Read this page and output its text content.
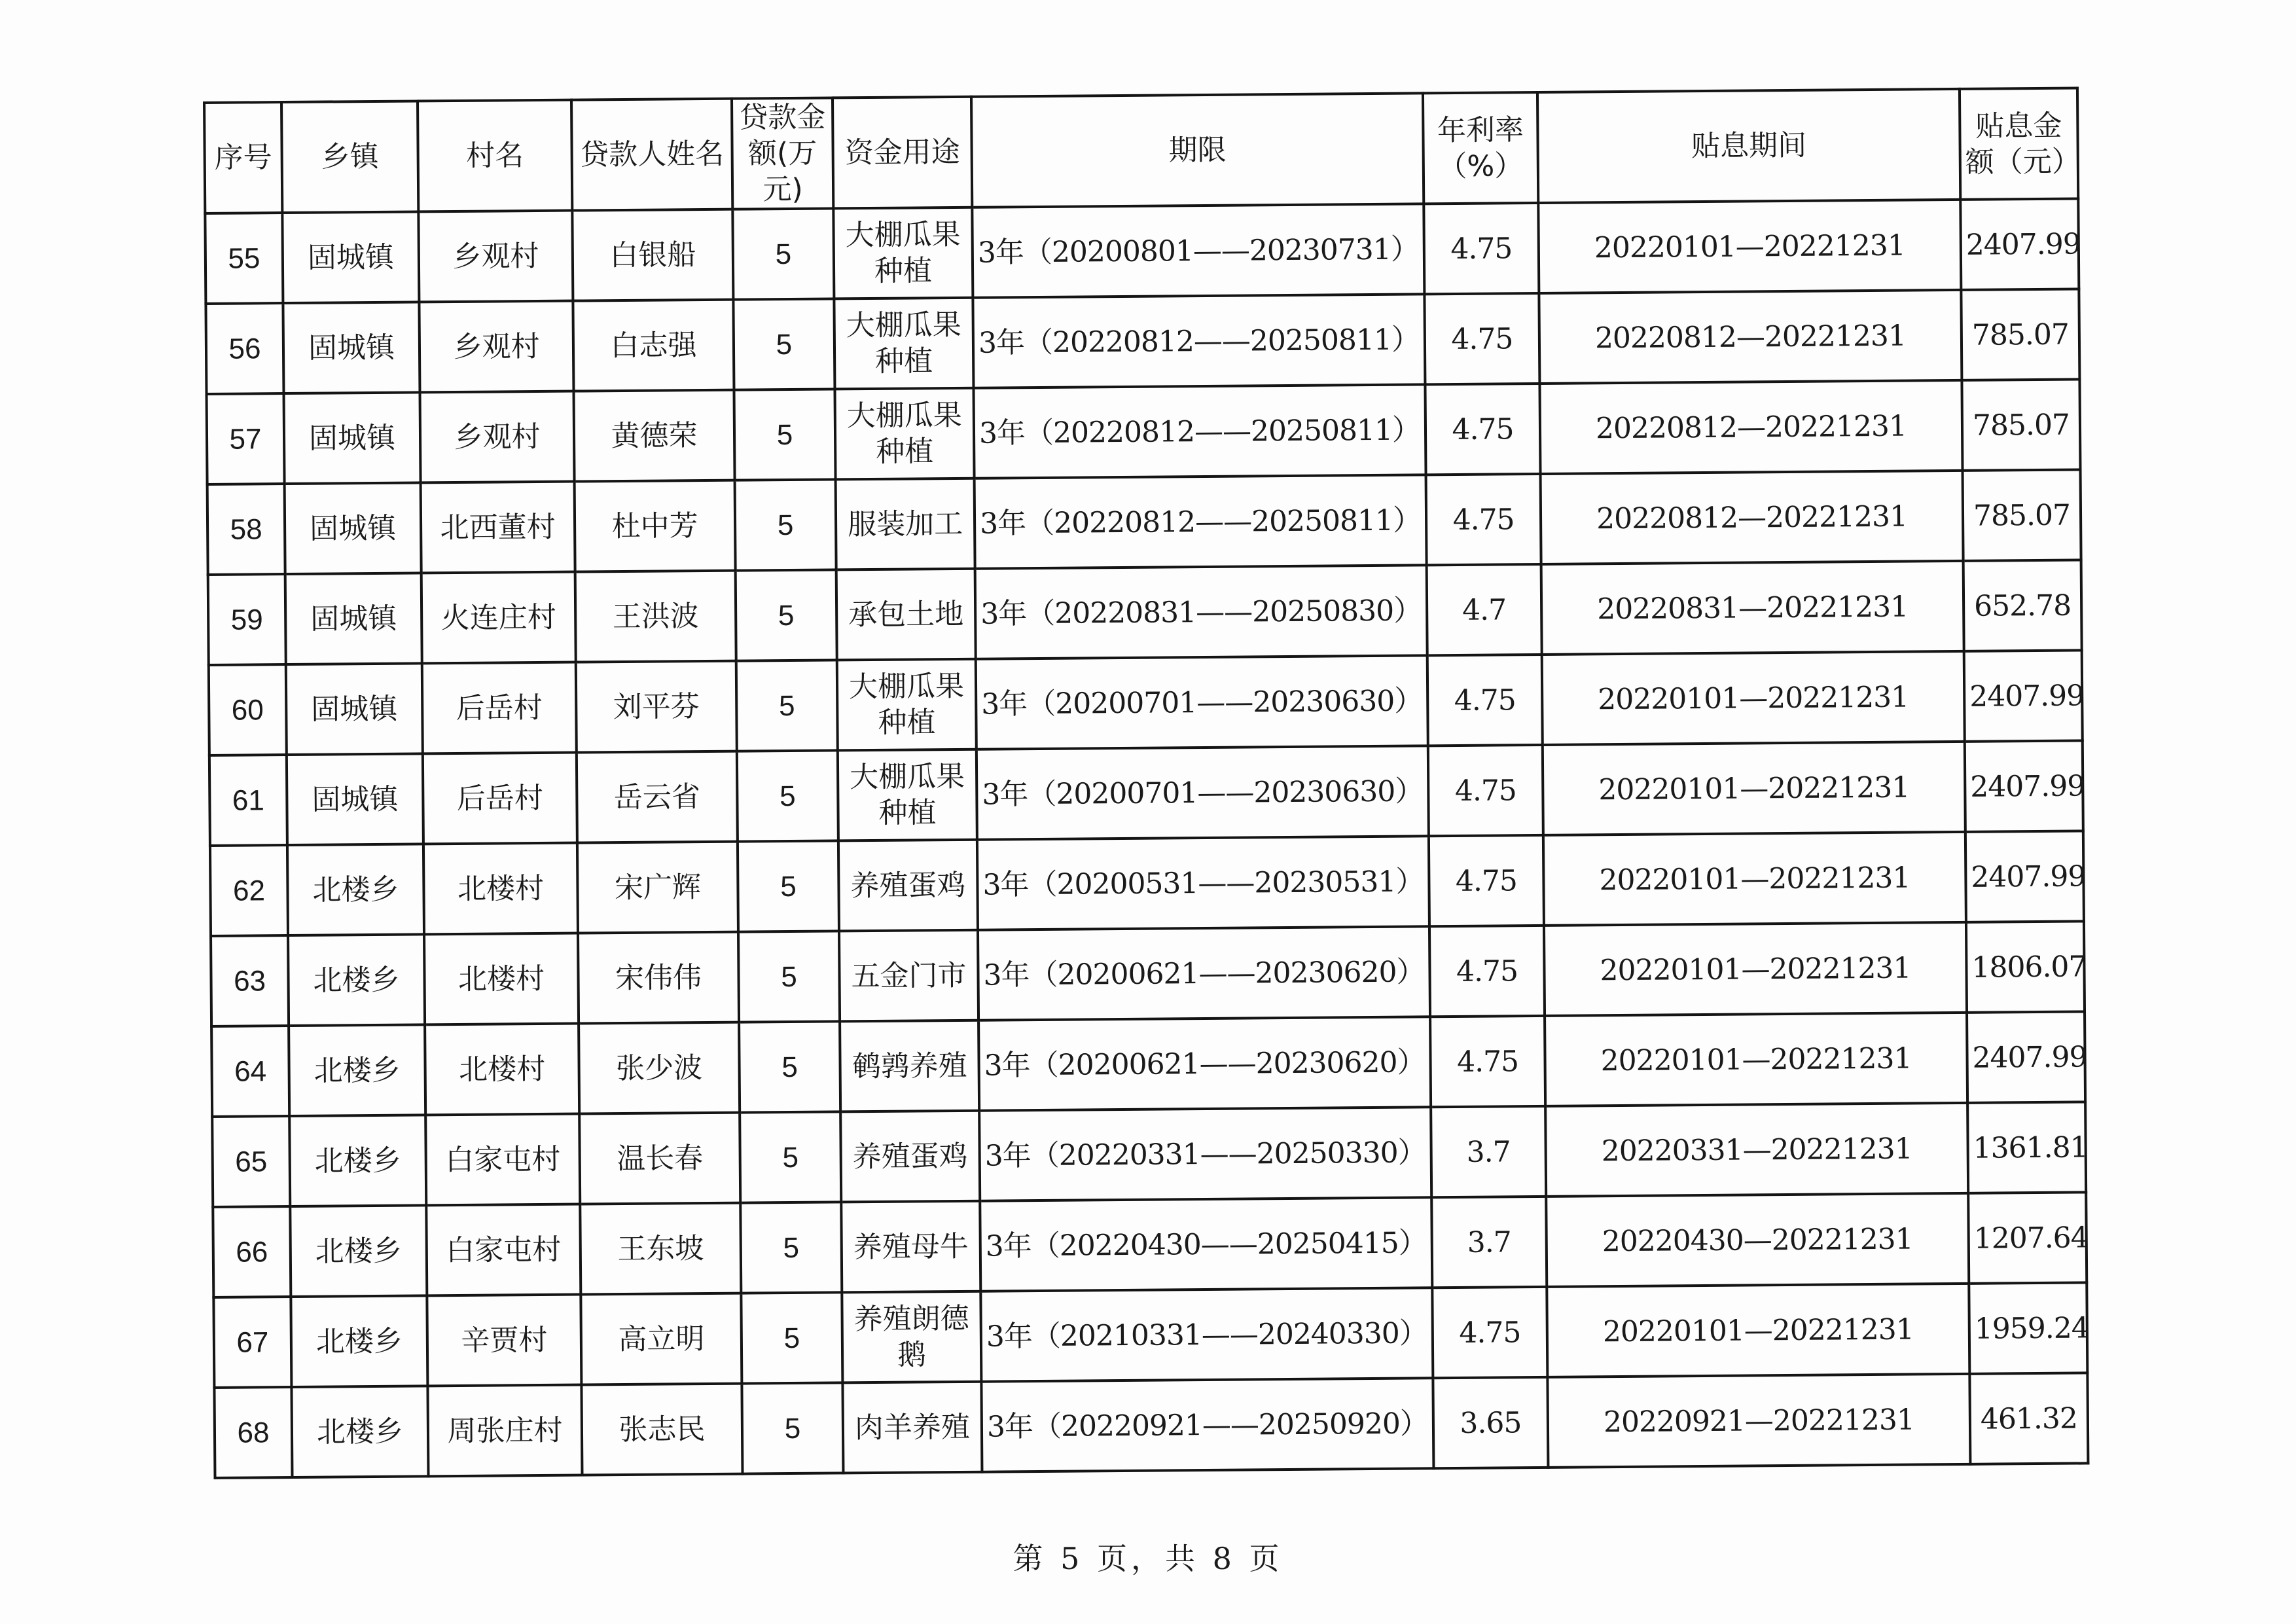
序号	乡镇	村名	贷款人姓名	贷款金额(万元)	资金用途	期限	年利率（%）	贴息期间	贴息金额（元）
55	固城镇	乡观村	白银船	5	大棚瓜果种植	3年（20200801——20230731）	4.75	20220101—20221231	2407.99
56	固城镇	乡观村	白志强	5	大棚瓜果种植	3年（20220812——20250811）	4.75	20220812—20221231	785.07
57	固城镇	乡观村	黄德荣	5	大棚瓜果种植	3年（20220812——20250811）	4.75	20220812—20221231	785.07
58	固城镇	北西董村	杜中芳	5	服装加工	3年（20220812——20250811）	4.75	20220812—20221231	785.07
59	固城镇	火连庄村	王洪波	5	承包土地	3年（20220831——20250830）	4.7	20220831—20221231	652.78
60	固城镇	后岳村	刘平芬	5	大棚瓜果种植	3年（20200701——20230630）	4.75	20220101—20221231	2407.99
61	固城镇	后岳村	岳云省	5	大棚瓜果种植	3年（20200701——20230630）	4.75	20220101—20221231	2407.99
62	北楼乡	北楼村	宋广辉	5	养殖蛋鸡	3年（20200531——20230531）	4.75	20220101—20221231	2407.99
63	北楼乡	北楼村	宋伟伟	5	五金门市	3年（20200621——20230620）	4.75	20220101—20221231	1806.07
64	北楼乡	北楼村	张少波	5	鹌鹑养殖	3年（20200621——20230620）	4.75	20220101—20221231	2407.99
65	北楼乡	白家屯村	温长春	5	养殖蛋鸡	3年（20220331——20250330）	3.7	20220331—20221231	1361.81
66	北楼乡	白家屯村	王东坡	5	养殖母牛	3年（20220430——20250415）	3.7	20220430—20221231	1207.64
67	北楼乡	辛贾村	高立明	5	养殖朗德鹅	3年（20210331——20240330）	4.75	20220101—20221231	1959.24
68	北楼乡	周张庄村	张志民	5	肉羊养殖	3年（20220921——20250920）	3.65	20220921—20221231	461.32
第 5 页，共 8 页
